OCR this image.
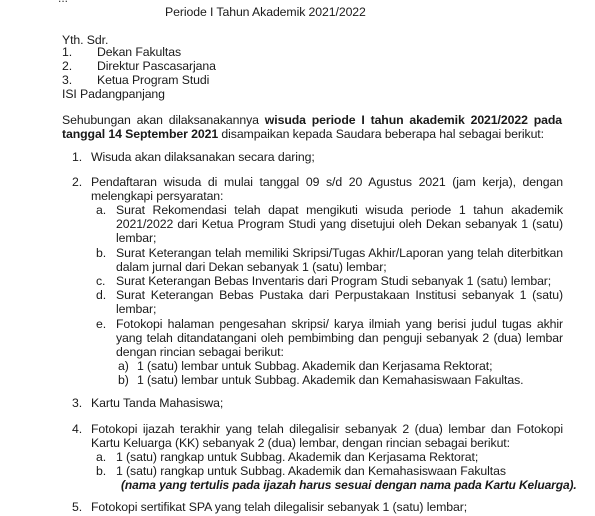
Periode I Tahun Akademik 2021/2022
Yth. Sdr.
1. Dekan Fakultas
2. Direktur Pascasarjana
3. Ketua Program Studi
ISI Padangpanjang
Sehubungan akan dilaksanakannya wisuda periode I tahun akademik 2021/2022 pada
tanggal 14 September 2021 disampaikan kepada Saudara beberapa hal sebagai berikut:
1. Wisuda akan dilaksanakan secara daring;
2. Pendaftaran wisuda di mulai tanggal 09 s/d 20 Agustus 2021 (jam kerja), dengan
melengkapi persyaratan:
a. Surat Rekomendasi telah dapat mengikuti wisuda periode 1 tahun akademik
2021/2022 dari Ketua Program Studi yang disetujui oleh Dekan sebanyak 1 (satu)
lembar;
b. Surat Keterangan telah memiliki Skripsi/Tugas Akhir/Laporan yang telah diterbitkan
dalam jurnal dari Dekan sebanyak 1 (satu) lembar;
c. Surat Keterangan Bebas Inventaris dari Program Studi sebanyak 1 (satu) lembar;
d. Surat Keterangan Bebas Pustaka dari Perpustakaan Institusi sebanyak 1 (satu)
lembar;
e. Fotokopi halaman pengesahan skripsi/ karya ilmiah yang berisi judul tugas akhir
yang telah ditandatangani oleh pembimbing dan penguji sebanyak 2 (dua) lembar
dengan rincian sebagai berikut:
a) 1 (satu) lembar untuk Subbag. Akademik dan Kerjasama Rektorat;
b) 1 (satu) lembar untuk Subbag. Akademik dan Kemahasiswaan Fakultas.
3. Kartu Tanda Mahasiswa;
4. Fotokopi ijazah terakhir yang telah dilegalisir sebanyak 2 (dua) lembar dan Fotokopi
Kartu Keluarga (KK) sebanyak 2 (dua) lembar, dengan rincian sebagai berikut:
a. 1 (satu) rangkap untuk Subbag. Akademik dan Kerjasama Rektorat;
b. 1 (satu) rangkap untuk Subbag. Akademik dan Kemahasiswaan Fakultas
(nama yang tertulis pada ijazah harus sesuai dengan nama pada Kartu Keluarga).
5. Fotokopi sertifikat SPA yang telah dilegalisir sebanyak 1 (satu) lembar;
